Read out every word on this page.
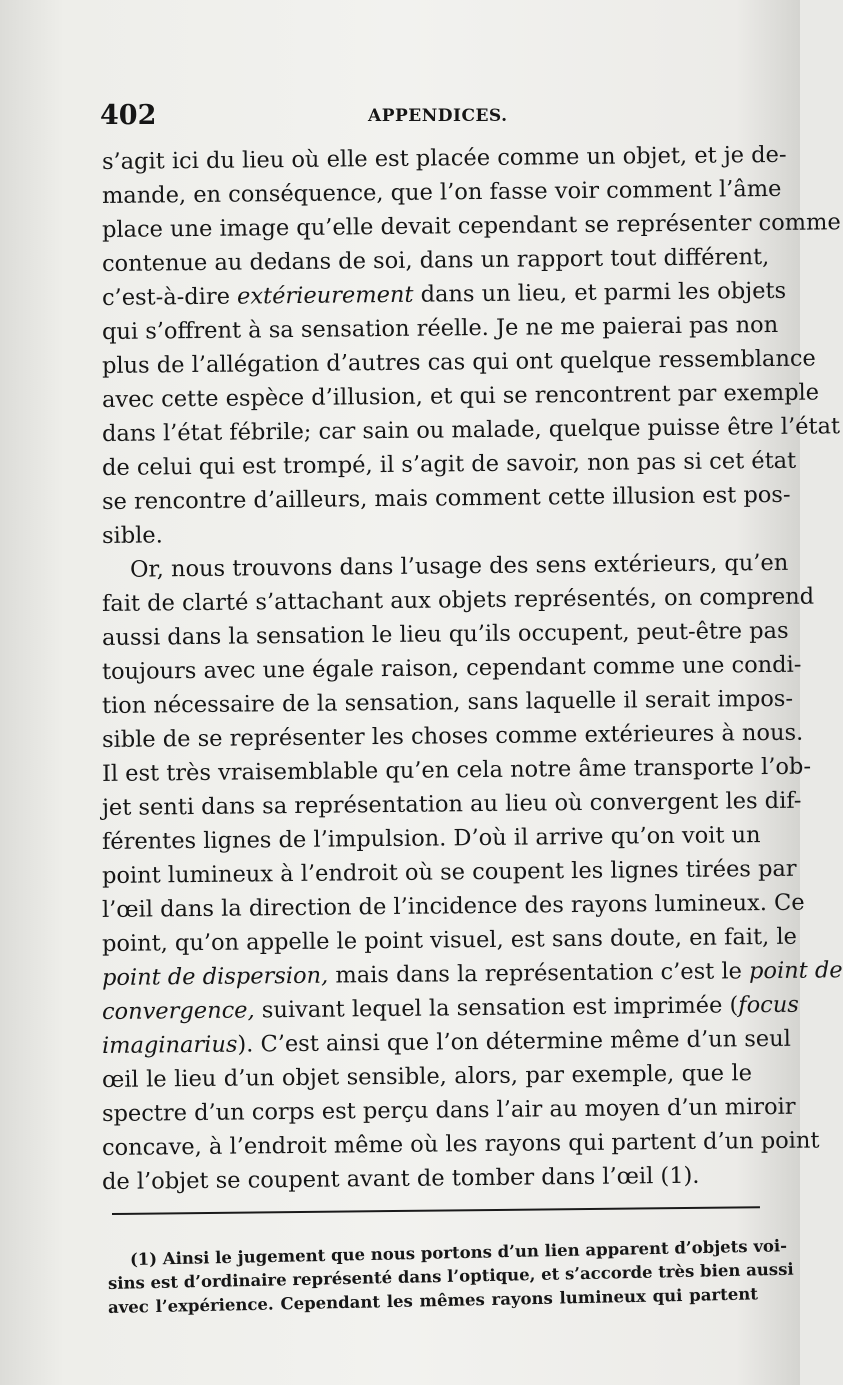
402	APPENDICES.
s’agit ici du lieu où elle est placée comme un objet, et je de-
mande, en conséquence, que l’on fasse voir comment l’âme
place une image qu’elle devait cependant se représenter comme
contenue au dedans de soi, dans un rapport tout différent,
c’est-à-dire extérieurement dans un lieu, et parmi les objets
qui s’offrent à sa sensation réelle. Je ne me paierai pas non
plus de l’allégation d’autres cas qui ont quelque ressemblance
avec cette espèce d’illusion, et qui se rencontrent par exemple
dans l’état fébrile; car sain ou malade, quelque puisse être l’état
de celui qui est trompé, il s’agit de savoir, non pas si cet état
se rencontre d’ailleurs, mais comment cette illusion est pos-
sible.
Or, nous trouvons dans l’usage des sens extérieurs, qu’en
fait de clarté s’attachant aux objets représentés, on comprend
aussi dans la sensation le lieu qu’ils occupent, peut-être pas
toujours avec une égale raison, cependant comme une condi-
tion nécessaire de la sensation, sans laquelle il serait impos-
sible de se représenter les choses comme extérieures à nous.
Il est très vraisemblable qu’en cela notre âme transporte l’ob-
jet senti dans sa représentation au lieu où convergent les dif-
férentes lignes de l’impulsion. D’où il arrive qu’on voit un
point lumineux à l’endroit où se coupent les lignes tirées par
l’œil dans la direction de l’incidence des rayons lumineux. Ce
point, qu’on appelle le point visuel, est sans doute, en fait, le
point de dispersion, mais dans la représentation c’est le point de
convergence, suivant lequel la sensation est imprimée (focus
imaginarius). C’est ainsi que l’on détermine même d’un seul
œil le lieu d’un objet sensible, alors, par exemple, que le
spectre d’un corps est perçu dans l’air au moyen d’un miroir
concave, à l’endroit même où les rayons qui partent d’un point
de l’objet se coupent avant de tomber dans l’œil (1).
(1) Ainsi le jugement que nous portons d’un lien apparent d’objets voi-
sins est d’ordinaire représenté dans l’optique, et s’accorde très bien aussi
avec l’expérience. Cependant les mêmes rayons lumineux qui partent
